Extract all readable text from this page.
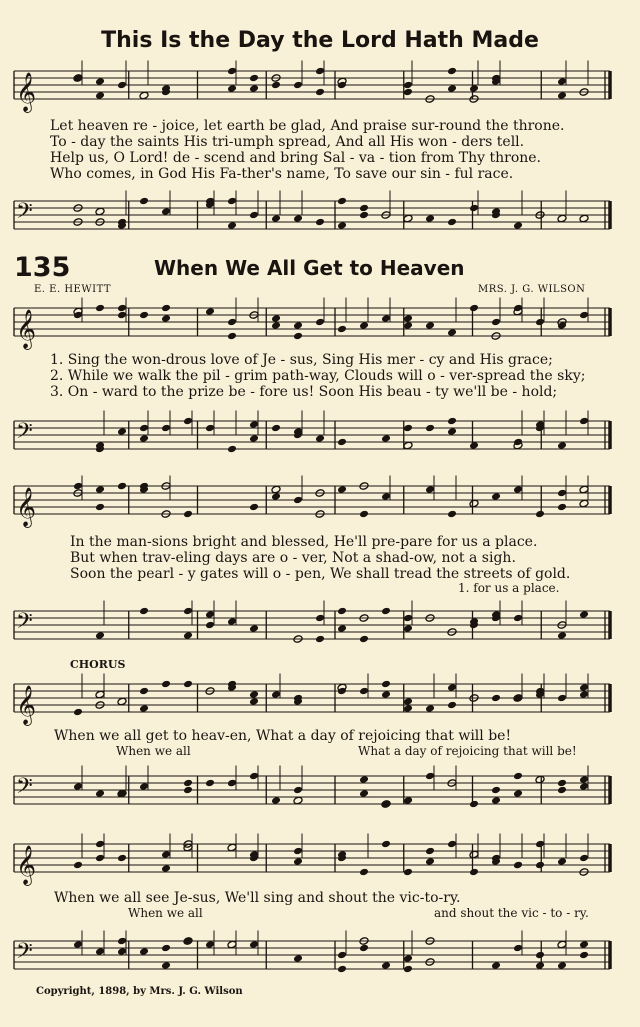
This Is the Day the Lord Hath Made
𝄞
Let heaven re - joice, let earth be glad, And praise sur-round the throne.
To - day the saints His tri-umph spread, And all His won - ders tell.
Help us, O Lord! de - scend and bring Sal - va - tion from Thy throne.
Who comes, in God His Fa-ther's name, To save our sin - ful race.
𝄢
135	When We All Get to Heaven
E. E. HEWITT	MRS. J. G. WILSON
𝄞
1. Sing the won-drous love of Je - sus, Sing His mer - cy and His grace;
2. While we walk the pil - grim path-way, Clouds will o - ver-spread the sky;
3. On - ward to the prize be - fore us! Soon His beau - ty we'll be - hold;
𝄢
𝄞
In the man-sions bright and blessed, He'll pre-pare for us a place.
But when trav-eling days are o - ver, Not a shad-ow, not a sigh.
Soon the pearl - y gates will o - pen, We shall tread the streets of gold.
1. for us a place.
𝄢
CHORUS
𝄞
When we all get to heav-en, What a day of rejoicing that will be!
When we all	What a day of rejoicing that will be!
𝄢
𝄞
When we all see Je-sus, We'll sing and shout the vic-to-ry.
When we all	and shout the vic - to - ry.
𝄢
Copyright, 1898, by Mrs. J. G. Wilson
